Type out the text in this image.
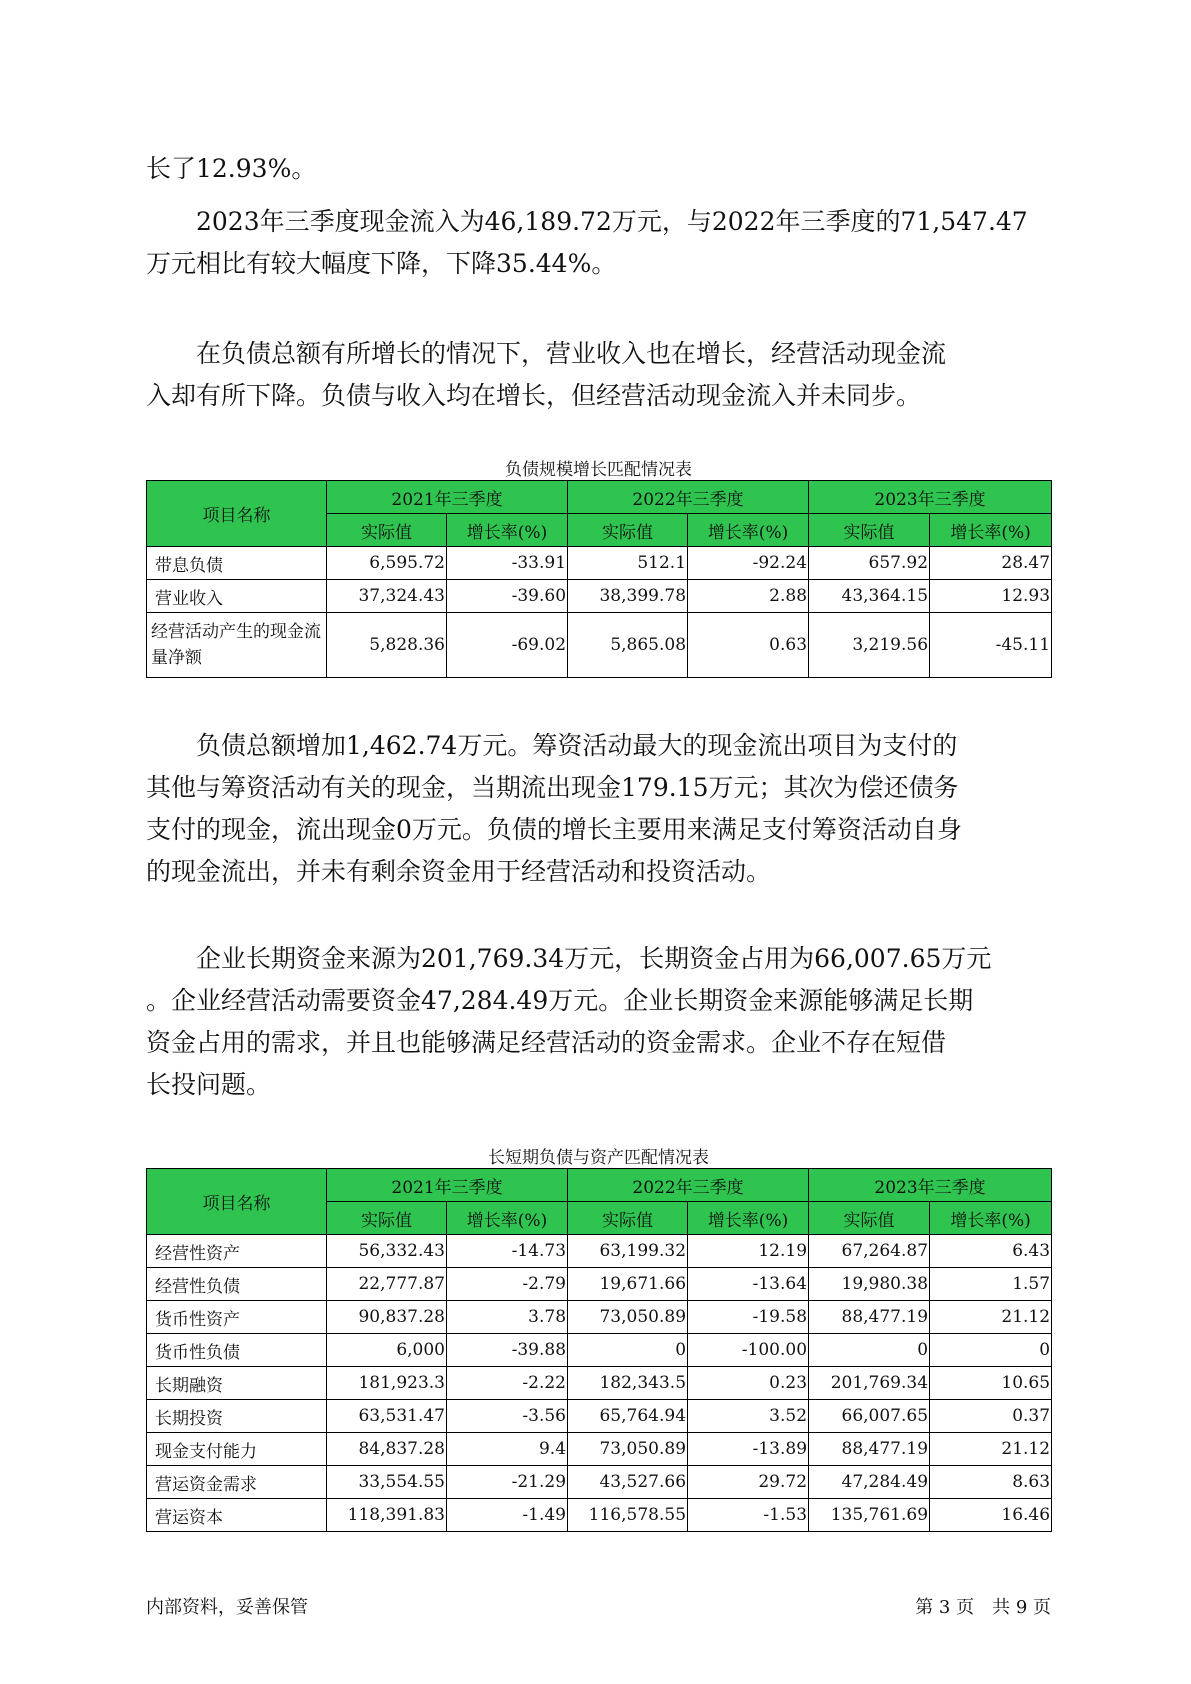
长了12.93%。
2023年三季度现金流入为46,189.72万元，与2022年三季度的71,547.47
万元相比有较大幅度下降，下降35.44%。
在负债总额有所增长的情况下，营业收入也在增长，经营活动现金流
入却有所下降。负债与收入均在增长，但经营活动现金流入并未同步。
负债规模增长匹配情况表
项目名称	2021年三季度		2022年三季度		2023年三季度	
	实际值	增长率(%)	实际值	增长率(%)	实际值	增长率(%)
带息负债	6,595.72	-33.91	512.1	-92.24	657.92	28.47
营业收入	37,324.43	-39.60	38,399.78	2.88	43,364.15	12.93
经营活动产生的现金流量净额	5,828.36	-69.02	5,865.08	0.63	3,219.56	-45.11
负债总额增加1,462.74万元。筹资活动最大的现金流出项目为支付的
其他与筹资活动有关的现金，当期流出现金179.15万元；其次为偿还债务
支付的现金，流出现金0万元。负债的增长主要用来满足支付筹资活动自身
的现金流出，并未有剩余资金用于经营活动和投资活动。
企业长期资金来源为201,769.34万元，长期资金占用为66,007.65万元
。企业经营活动需要资金47,284.49万元。企业长期资金来源能够满足长期
资金占用的需求，并且也能够满足经营活动的资金需求。企业不存在短借
长投问题。
长短期负债与资产匹配情况表
项目名称	2021年三季度		2022年三季度		2023年三季度	
	实际值	增长率(%)	实际值	增长率(%)	实际值	增长率(%)
经营性资产	56,332.43	-14.73	63,199.32	12.19	67,264.87	6.43
经营性负债	22,777.87	-2.79	19,671.66	-13.64	19,980.38	1.57
货币性资产	90,837.28	3.78	73,050.89	-19.58	88,477.19	21.12
货币性负债	6,000	-39.88	0	-100.00	0	0
长期融资	181,923.3	-2.22	182,343.5	0.23	201,769.34	10.65
长期投资	63,531.47	-3.56	65,764.94	3.52	66,007.65	0.37
现金支付能力	84,837.28	9.4	73,050.89	-13.89	88,477.19	21.12
营运资金需求	33,554.55	-21.29	43,527.66	29.72	47,284.49	8.63
营运资本	118,391.83	-1.49	116,578.55	-1.53	135,761.69	16.46
内部资料，妥善保管	第 3 页　共 9 页
